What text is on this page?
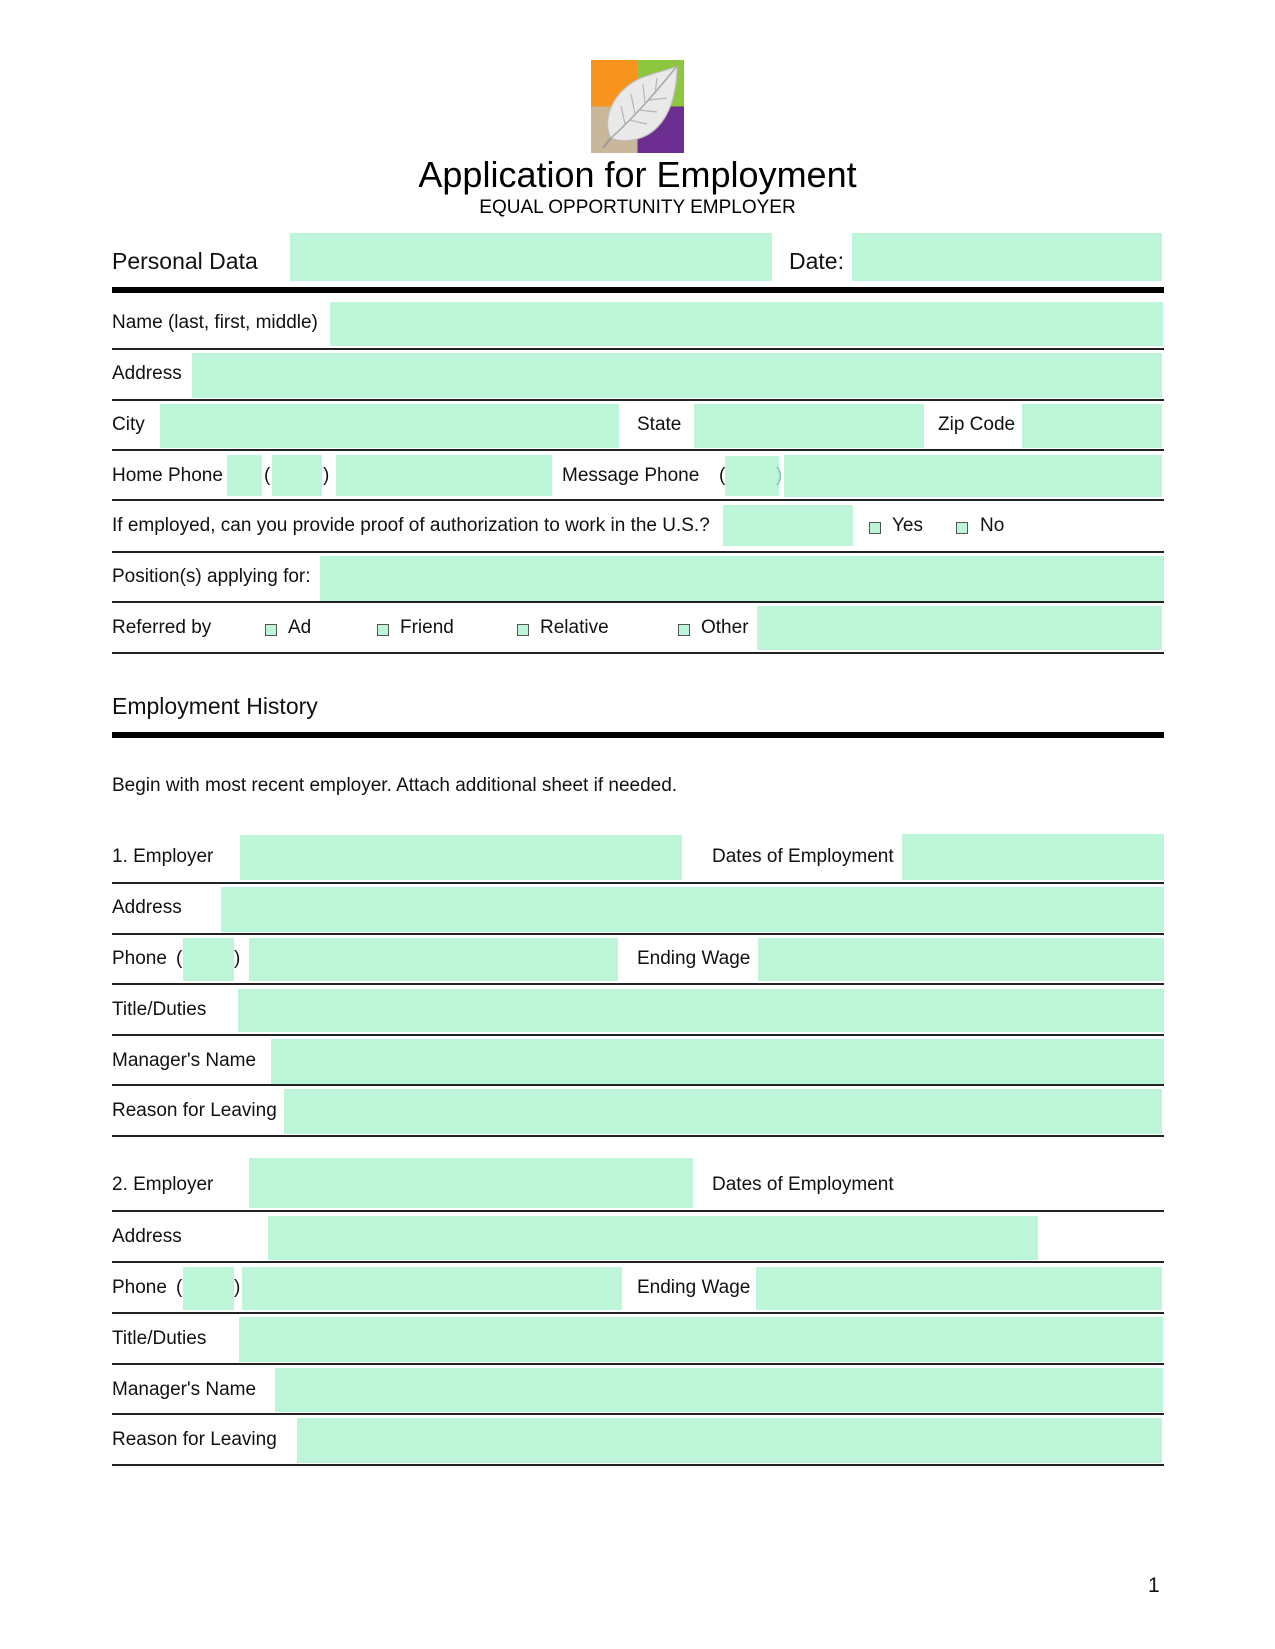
Application for Employment
EQUAL OPPORTUNITY EMPLOYER
Personal Data	Date:
Name (last, first, middle)
Address
City	State	Zip Code
Home Phone (	)	Message Phone (	)
If employed, can you provide proof of authorization to work in the U.S.?	Yes	No
Position(s) applying for:
Referred by	Ad	Friend	Relative	Other
Employment History
Begin with most recent employer. Attach additional sheet if needed.
1. Employer	Dates of Employment
Address
Phone (	)	Ending Wage
Title/Duties
Manager's Name
Reason for Leaving
2. Employer	Dates of Employment
Address
Phone (	)	Ending Wage
Title/Duties
Manager's Name
Reason for Leaving
1
